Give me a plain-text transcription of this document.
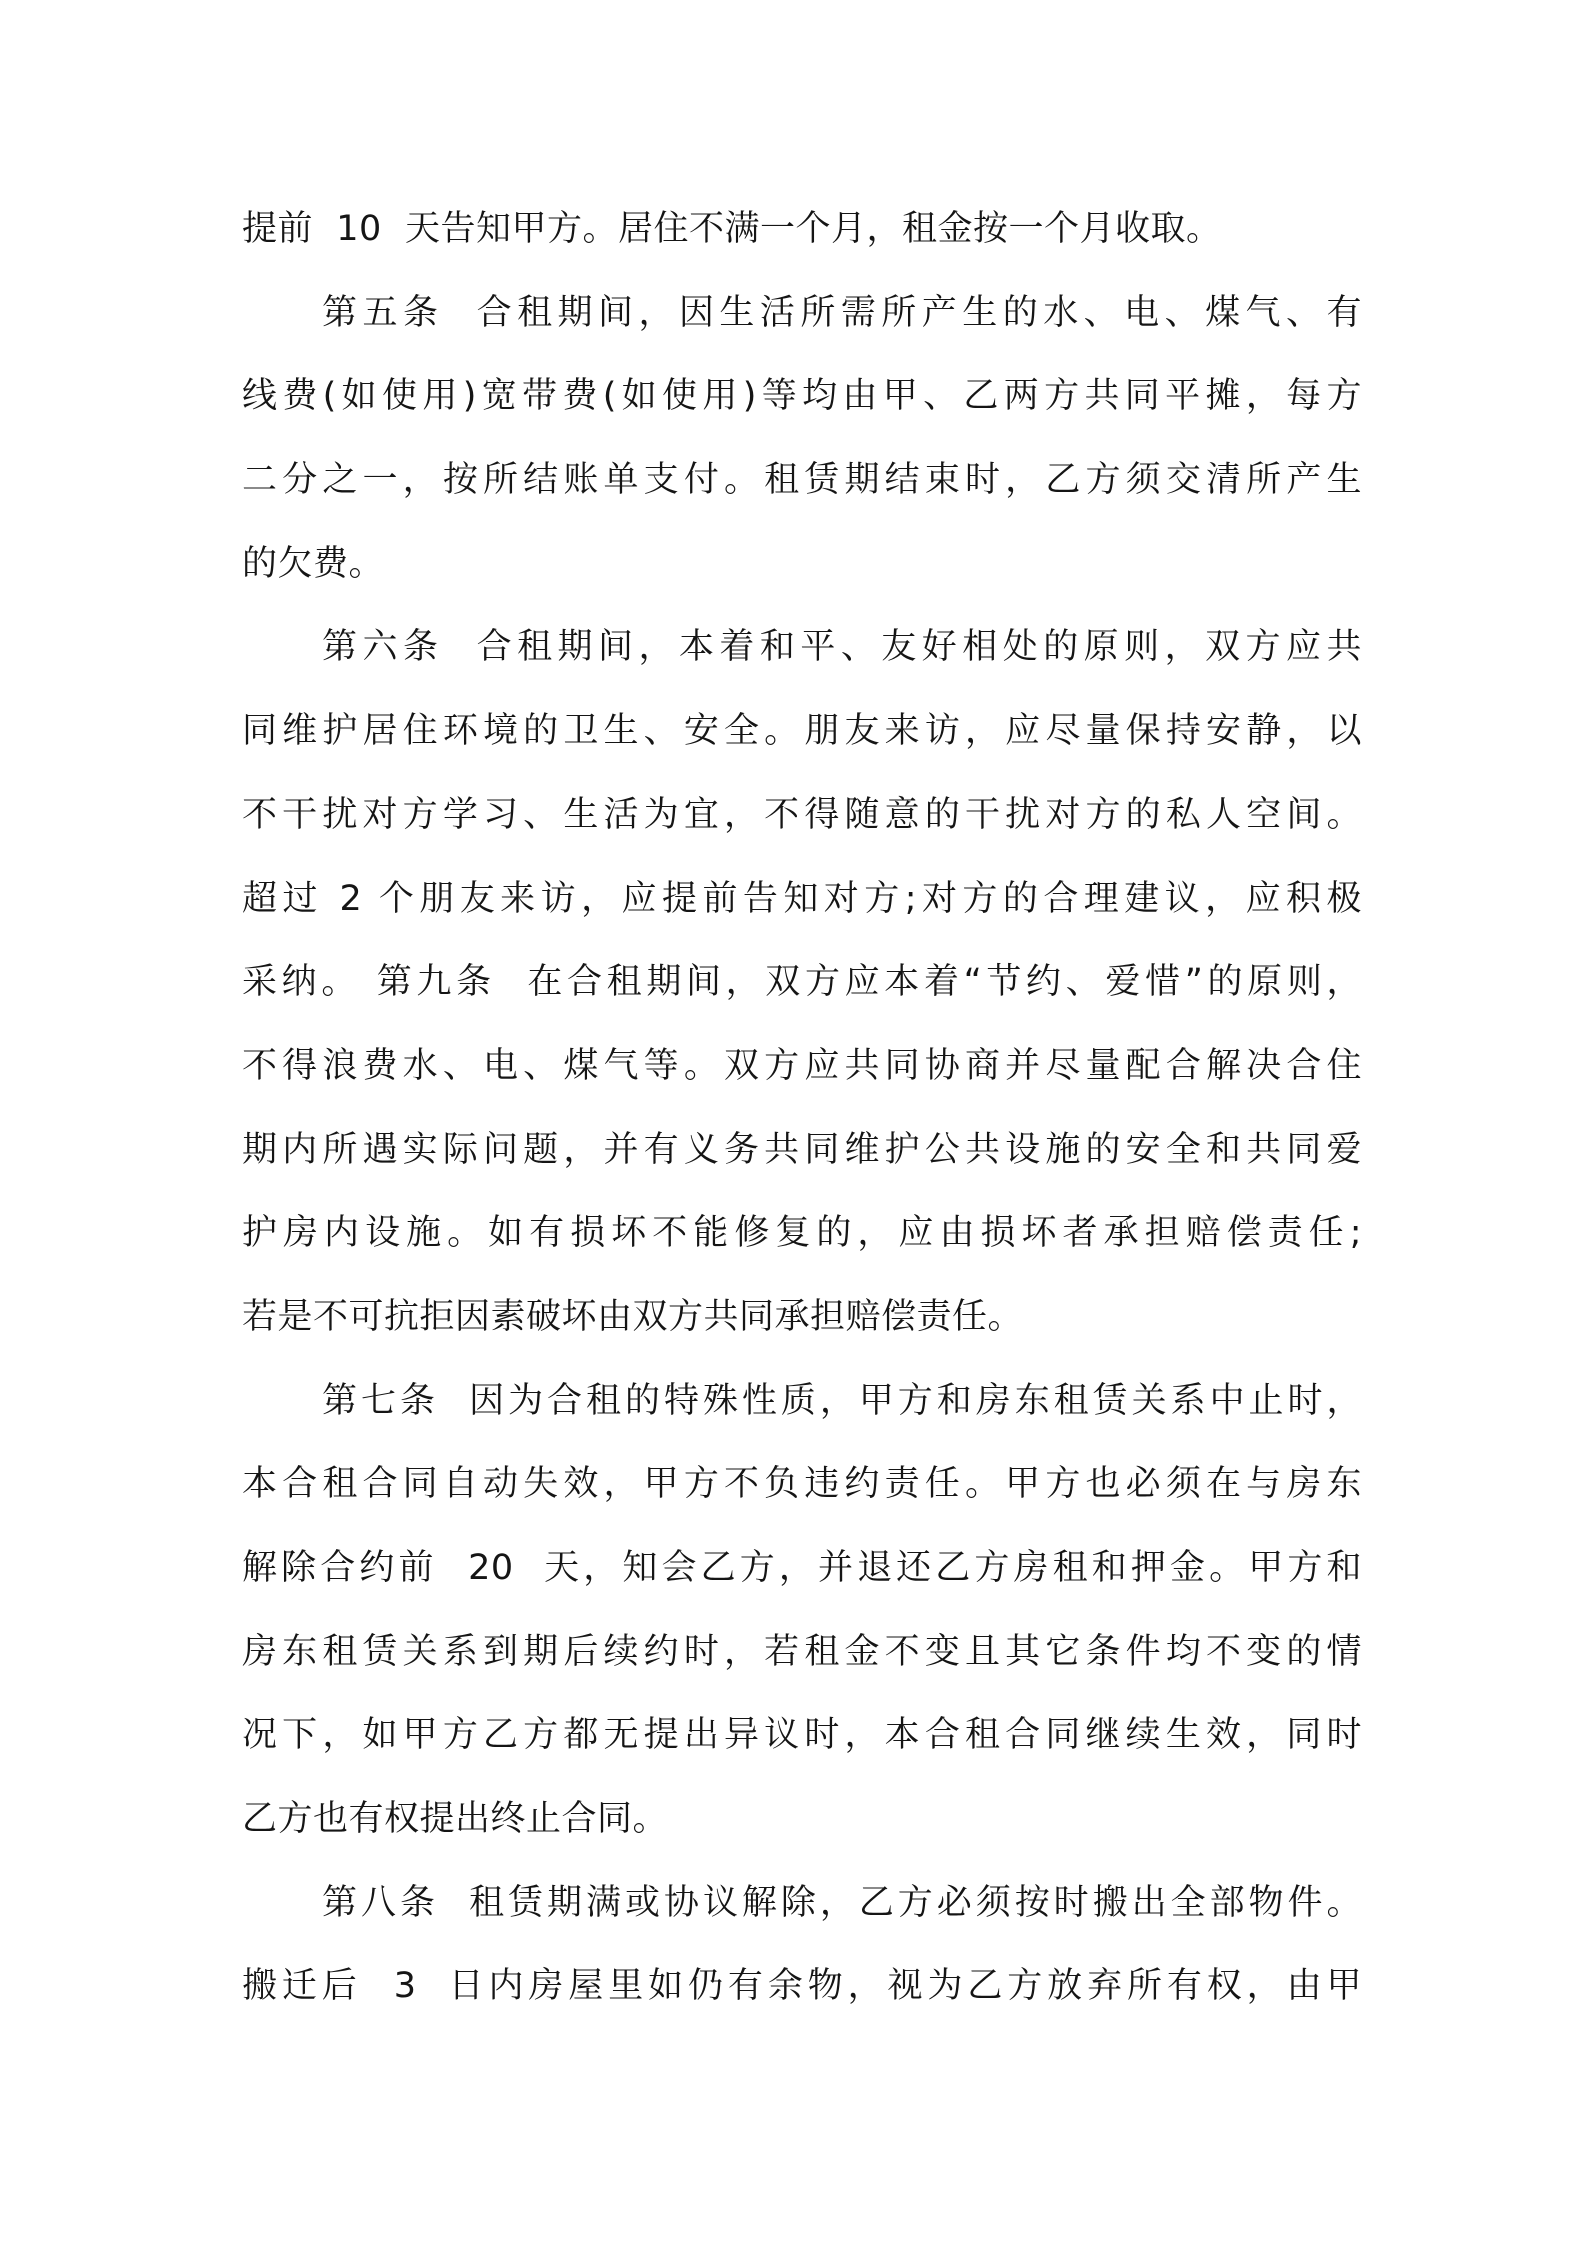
提前  10  天告知甲方。居住不满一个月，租金按一个月收取。
第五条  合租期间，因生活所需所产生的水、电、煤气、有
线费(如使用)宽带费(如使用)等均由甲、乙两方共同平摊，每方
二分之一，按所结账单支付。租赁期结束时，乙方须交清所产生
的欠费。
第六条  合租期间，本着和平、友好相处的原则，双方应共
同维护居住环境的卫生、安全。朋友来访，应尽量保持安静，以
不干扰对方学习、生活为宜，不得随意的干扰对方的私人空间。
超过 2 个朋友来访，应提前告知对方;对方的合理建议，应积极
采纳。 第九条  在合租期间，双方应本着“节约、爱惜”的原则，
不得浪费水、电、煤气等。双方应共同协商并尽量配合解决合住
期内所遇实际问题，并有义务共同维护公共设施的安全和共同爱
护房内设施。如有损坏不能修复的，应由损坏者承担赔偿责任;
若是不可抗拒因素破坏由双方共同承担赔偿责任。
第七条  因为合租的特殊性质，甲方和房东租赁关系中止时，
本合租合同自动失效，甲方不负违约责任。甲方也必须在与房东
解除合约前  20  天，知会乙方，并退还乙方房租和押金。甲方和
房东租赁关系到期后续约时，若租金不变且其它条件均不变的情
况下，如甲方乙方都无提出异议时，本合租合同继续生效，同时
乙方也有权提出终止合同。
第八条  租赁期满或协议解除，乙方必须按时搬出全部物件。
搬迁后  3  日内房屋里如仍有余物，视为乙方放弃所有权，由甲
